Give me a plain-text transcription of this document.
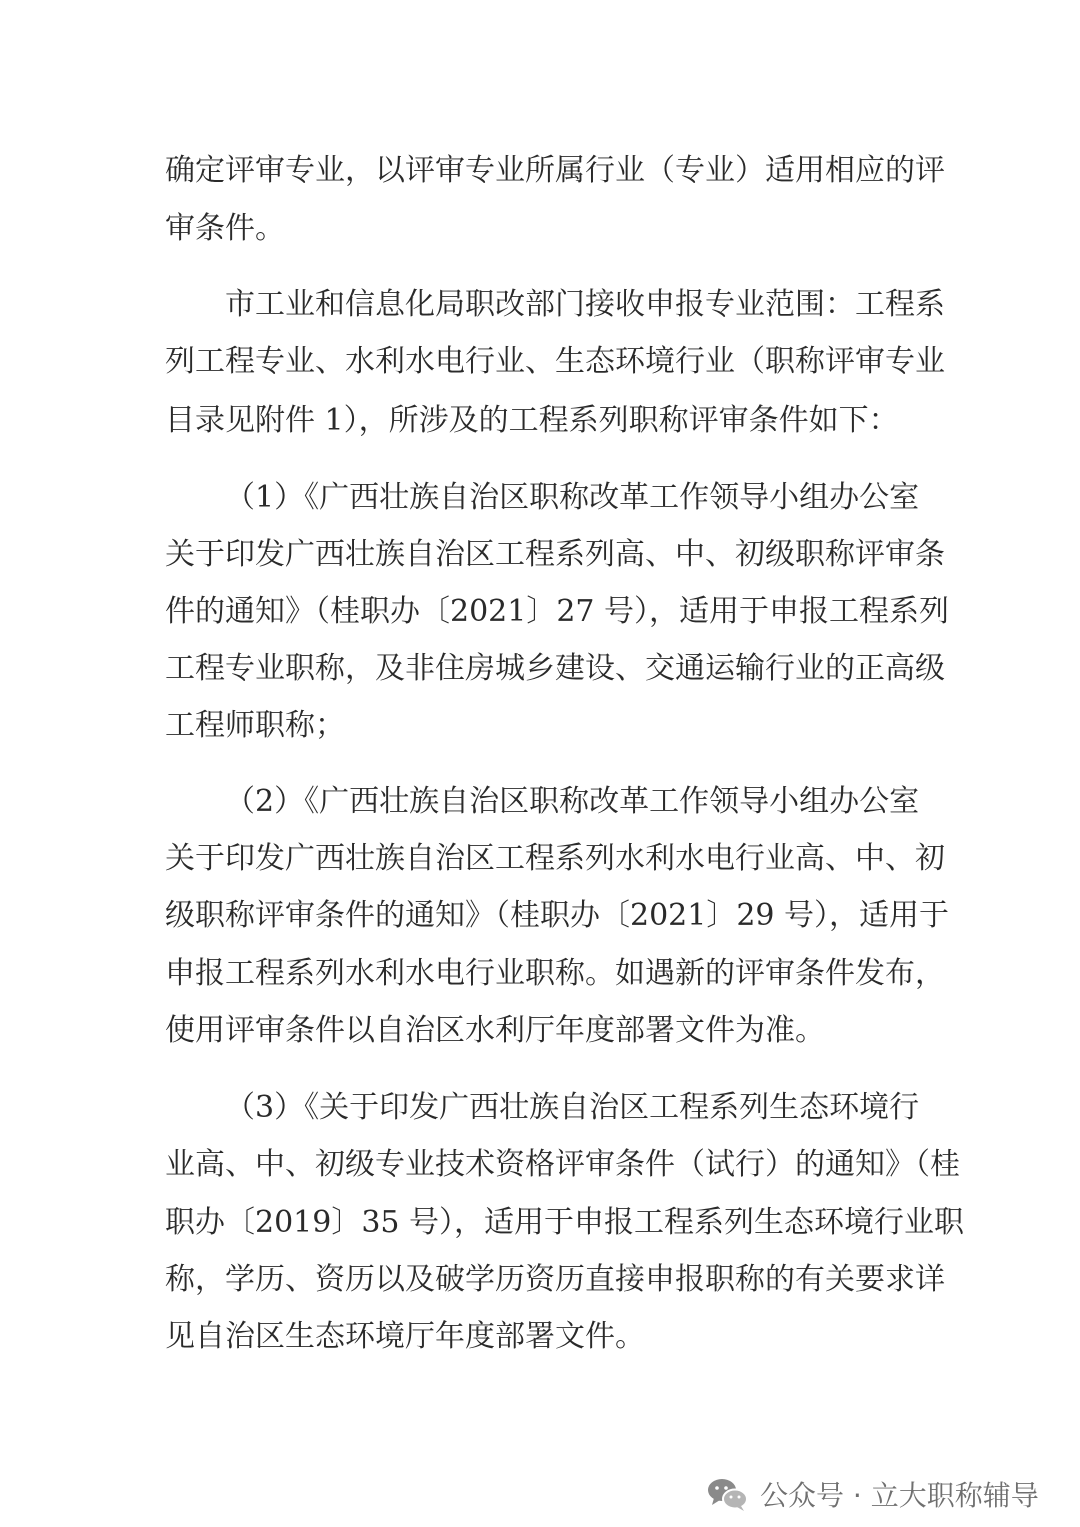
确定评审专业，以评审专业所属行业（专业）适用相应的评
审条件。
市工业和信息化局职改部门接收申报专业范围：工程系
列工程专业、水利水电行业、生态环境行业（职称评审专业
目录见附件 1），所涉及的工程系列职称评审条件如下：
（1）《广西壮族自治区职称改革工作领导小组办公室
关于印发广西壮族自治区工程系列高、中、初级职称评审条
件的通知》（桂职办〔2021〕27 号），适用于申报工程系列
工程专业职称，及非住房城乡建设、交通运输行业的正高级
工程师职称；
（2）《广西壮族自治区职称改革工作领导小组办公室
关于印发广西壮族自治区工程系列水利水电行业高、中、初
级职称评审条件的通知》（桂职办〔2021〕29 号），适用于
申报工程系列水利水电行业职称。如遇新的评审条件发布，
使用评审条件以自治区水利厅年度部署文件为准。
（3）《关于印发广西壮族自治区工程系列生态环境行
业高、中、初级专业技术资格评审条件（试行）的通知》（桂
职办〔2019〕35 号），适用于申报工程系列生态环境行业职
称，学历、资历以及破学历资历直接申报职称的有关要求详
见自治区生态环境厅年度部署文件。
公众号 · 立大职称辅导
